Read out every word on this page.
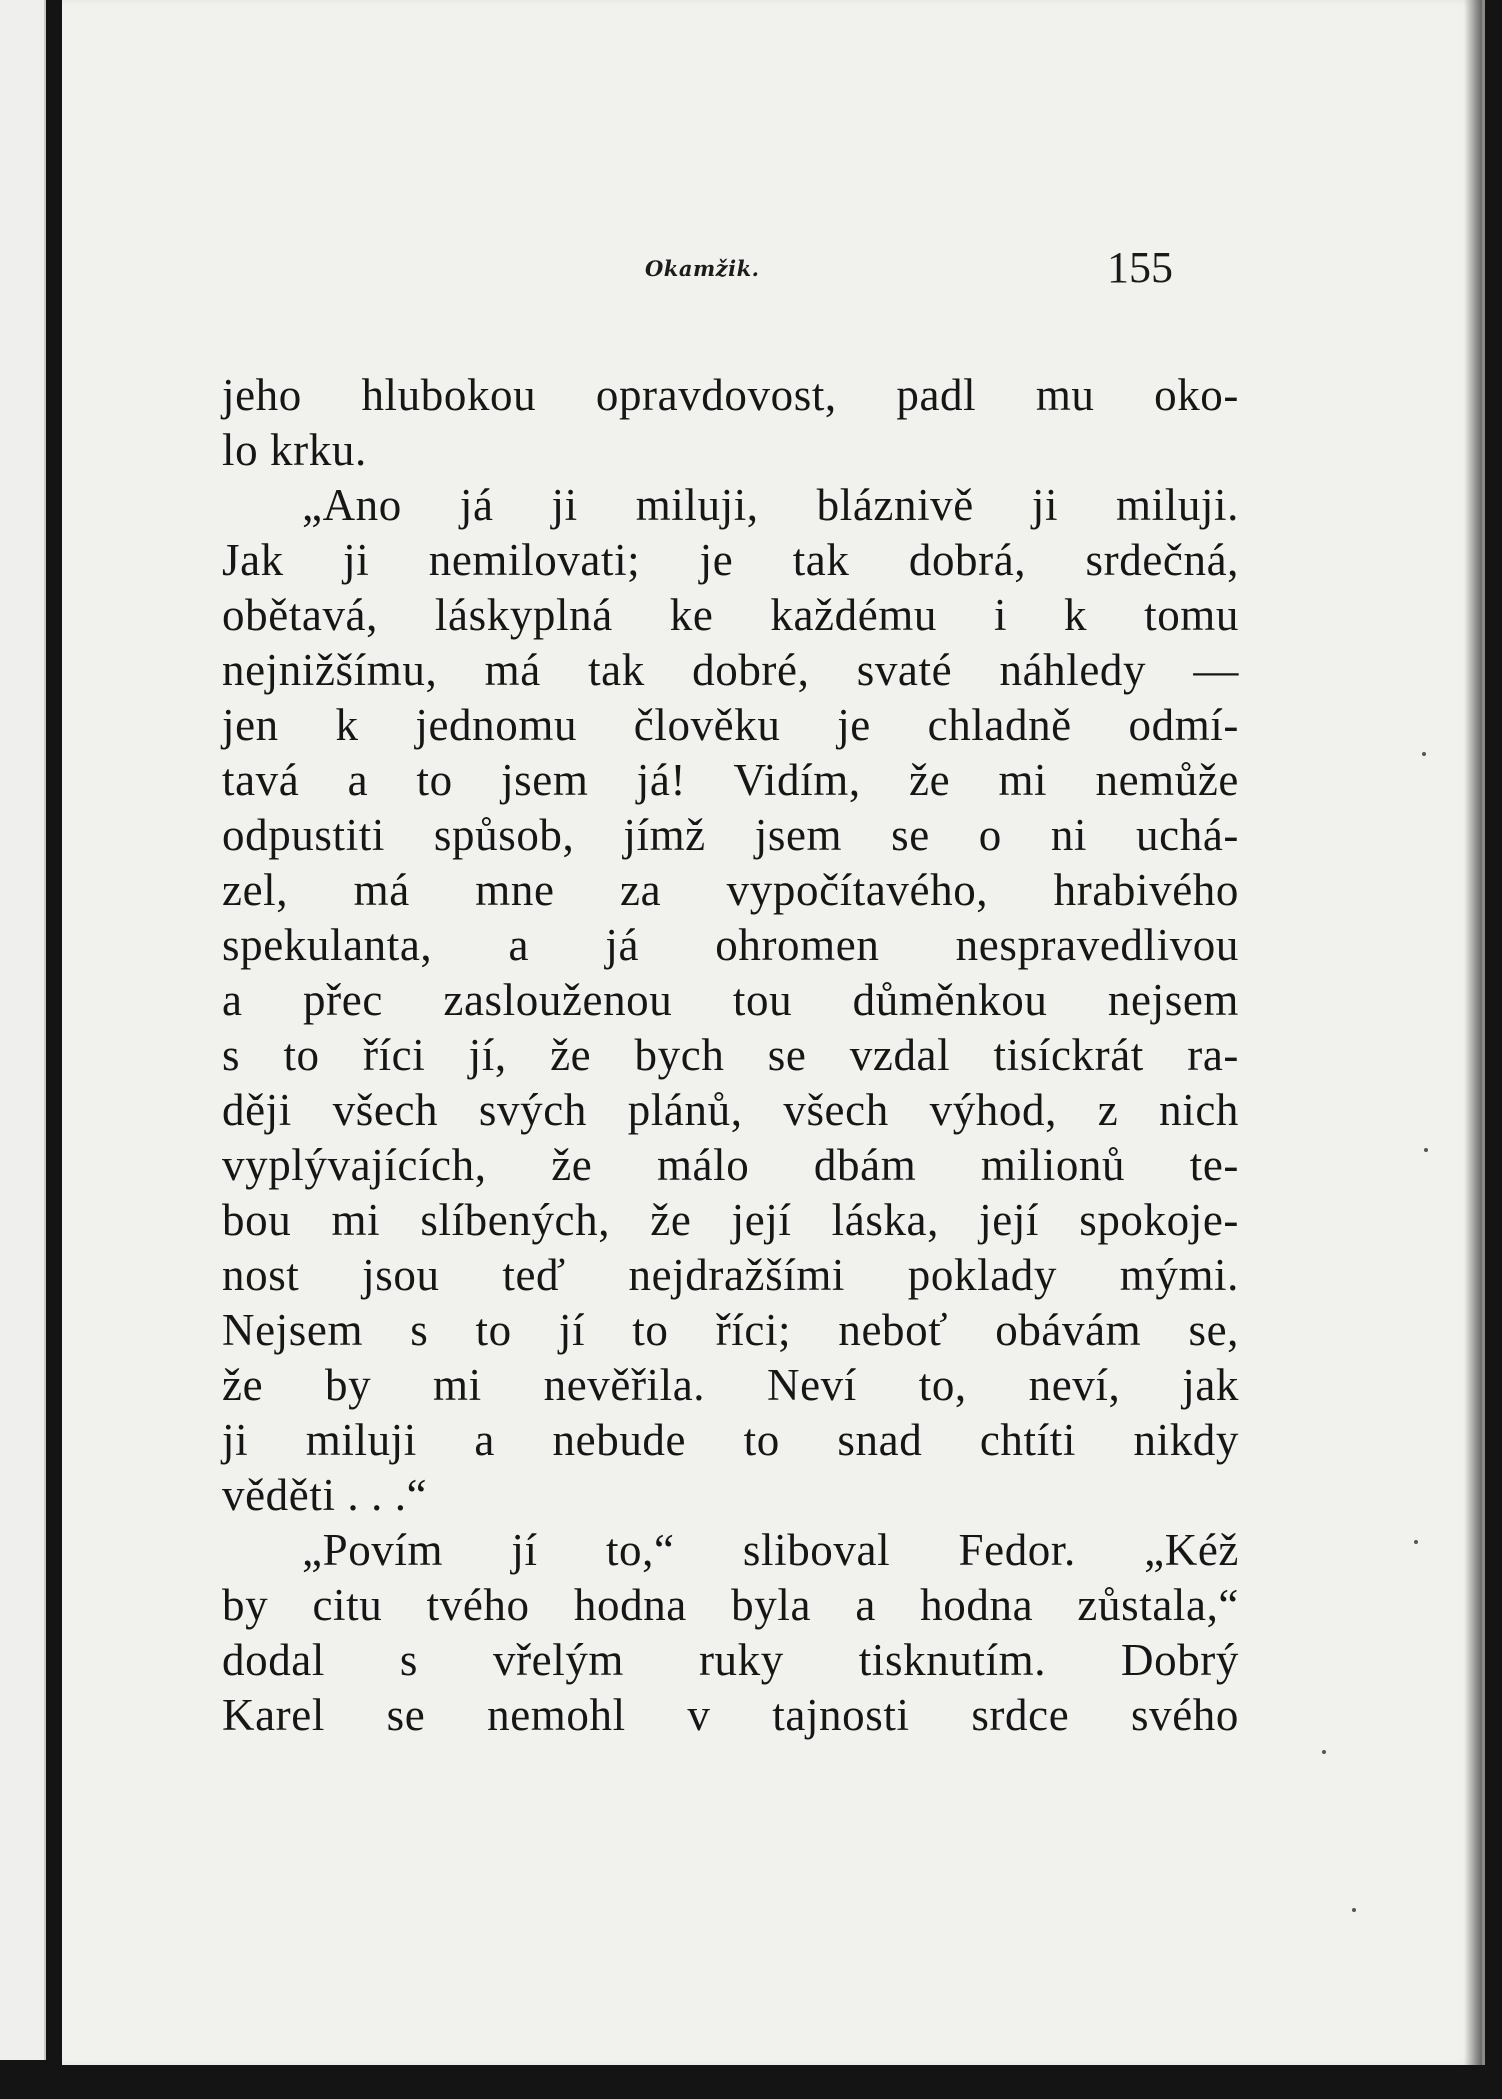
Okamžik.	155
jeho hlubokou opravdovost, padl mu oko-
lo krku.
„Ano já ji miluji, bláznivě ji miluji.
Jak ji nemilovati; je tak dobrá, srdečná,
obětavá, láskyplná ke každému i k tomu
nejnižšímu, má tak dobré, svaté náhledy —
jen k jednomu člověku je chladně odmí-
tavá a to jsem já! Vidím, že mi nemůže
odpustiti spůsob, jímž jsem se o ni uchá-
zel, má mne za vypočítavého, hrabivého
spekulanta, a já ohromen nespravedlivou
a přec zaslouženou tou důměnkou nejsem
s to říci jí, že bych se vzdal tisíckrát ra-
ději všech svých plánů, všech výhod, z nich
vyplývajících, že málo dbám milionů te-
bou mi slíbených, že její láska, její spokoje-
nost jsou teď nejdražšími poklady mými.
Nejsem s to jí to říci; neboť obávám se,
že by mi nevěřila. Neví to, neví, jak
ji miluji a nebude to snad chtíti nikdy
věděti . . .“
„Povím jí to,“ sliboval Fedor. „Kéž
by citu tvého hodna byla a hodna zůstala,“
dodal s vřelým ruky tisknutím. Dobrý
Karel se nemohl v tajnosti srdce svého
